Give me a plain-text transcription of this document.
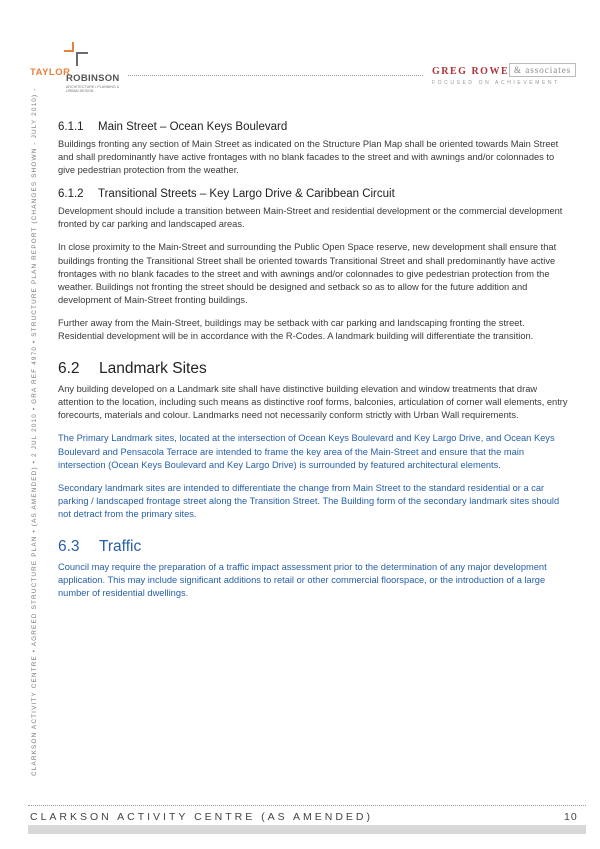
TAYLOR
ROBINSON
ARCHITECTURE • PLANNING & URBAN DESIGN
GREG ROWE & associates
FOCUSED ON ACHIEVEMENT
CLARKSON ACTIVITY CENTRE • AGREED STRUCTURE PLAN • (AS AMENDED) • 2 JUL 2010 • GRA REF 4970 • STRUCTURE PLAN REPORT (CHANGES SHOWN - JULY 2010) - 6.1.1 Main Street – Ocean Keys Boulevard

Buildings fronting any section of Main Street as indicated on the Structure Plan Map shall be oriented towards Main Street and shall predominantly have active frontages with no blank facades to the street and with awnings and/or colonnades to give pedestrian protection from the weather.

6.1.2 Transitional Streets – Key Largo Drive & Caribbean Circuit

Development should include a transition between Main-Street and residential development or the commercial development fronted by car parking and landscaped areas.

In close proximity to the Main-Street and surrounding the Public Open Space reserve, new development shall ensure that buildings fronting the Transitional Street shall be oriented towards Transitional Street and shall predominantly have active frontages with no blank facades to the street and with awnings and/or colonnades to give pedestrian protection from the weather. Buildings not fronting the street should be designed and setback so as to allow for the future addition and development of Main-Street fronting buildings.

Further away from the Main-Street, buildings may be setback with car parking and landscaping fronting the street. Residential development will be in accordance with the R-Codes. A landmark building will differentiate the transition.

6.2 Landmark Sites

Any building developed on a Landmark site shall have distinctive building elevation and window treatments that draw attention to the location, including such means as distinctive roof forms, balconies, articulation of corner wall elements, entry forecourts, materials and colour. Landmarks need not necessarily conform strictly with Urban Wall requirements.

The Primary Landmark sites, located at the intersection of Ocean Keys Boulevard and Key Largo Drive, and Ocean Keys Boulevard and Pensacola Terrace are intended to frame the key area of the Main-Street and ensure that the main intersection (Ocean Keys Boulevard and Key Largo Drive) is surrounded by featured architectural elements.

Secondary landmark sites are intended to differentiate the change from Main Street to the standard residential or a car parking / landscaped frontage street along the Transition Street. The Building form of the secondary landmark sites should not detract from the primary sites.

6.3 Traffic

Council may require the preparation of a traffic impact assessment prior to the determination of any major development application. This may include significant additions to retail or other commercial floorspace, or the introduction of a large number of residential dwellings.

CLARKSON ACTIVITY CENTRE (AS AMENDED)	10
